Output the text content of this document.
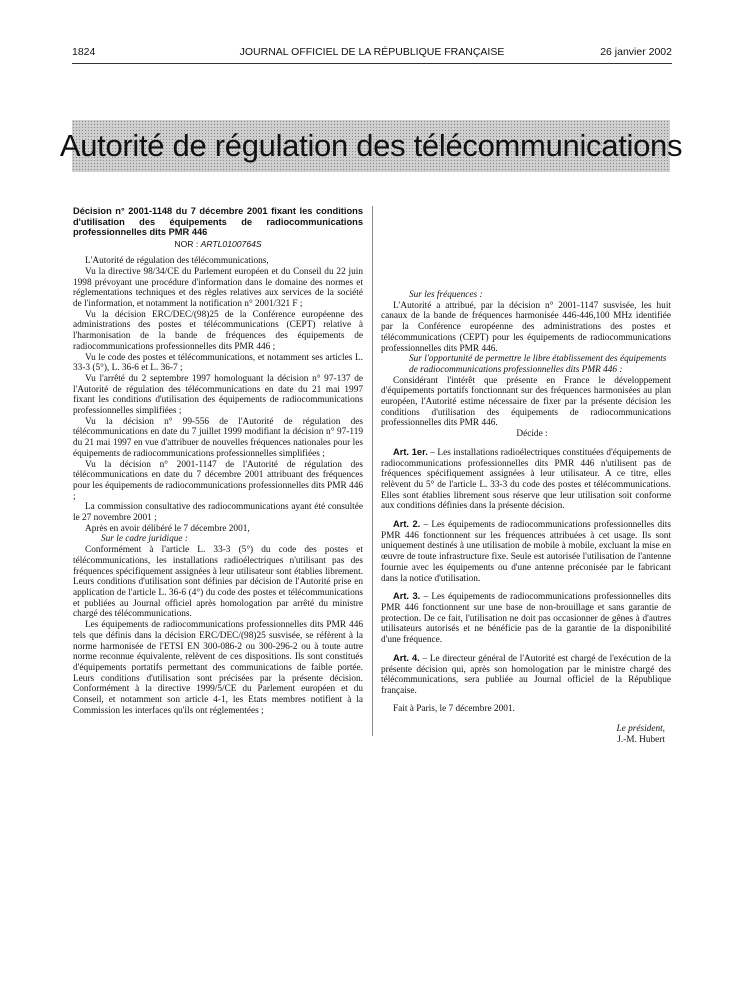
1824	JOURNAL OFFICIEL DE LA RÉPUBLIQUE FRANÇAISE	26 janvier 2002
Autorité de régulation des télécommunications

Décision n° 2001-1148 du 7 décembre 2001 fixant les conditions d'utilisation des équipements de radiocommunications professionnelles dits PMR 446

NOR : ARTL0100764S

L'Autorité de régulation des télécommunications,

Vu la directive 98/34/CE du Parlement européen et du Conseil du 22 juin 1998 prévoyant une procédure d'information dans le domaine des normes et réglementations techniques et des règles relatives aux services de la société de l'information, et notamment la notification n° 2001/321 F ;

Vu la décision ERC/DEC/(98)25 de la Conférence européenne des administrations des postes et télécommunications (CEPT) relative à l'harmonisation de la bande de fréquences des équipements de radiocommunications professionnelles dits PMR 446 ;

Vu le code des postes et télécommunications, et notamment ses articles L. 33-3 (5°), L. 36-6 et L. 36-7 ;

Vu l'arrêté du 2 septembre 1997 homologuant la décision n° 97-137 de l'Autorité de régulation des télécommunications en date du 21 mai 1997 fixant les conditions d'utilisation des équipements de radiocommunications professionnelles simplifiées ;

Vu la décision n° 99-556 de l'Autorité de régulation des télécommunications en date du 7 juillet 1999 modifiant la décision n° 97-119 du 21 mai 1997 en vue d'attribuer de nouvelles fréquences nationales pour les équipements de radiocommunications professionnelles simplifiées ;

Vu la décision n° 2001-1147 de l'Autorité de régulation des télécommunications en date du 7 décembre 2001 attribuant des fréquences pour les équipements de radiocommunications professionnelles dits PMR 446 ;

La commission consultative des radiocommunications ayant été consultée le 27 novembre 2001 ;

Après en avoir délibéré le 7 décembre 2001,

Sur le cadre juridique :

Conformément à l'article L. 33-3 (5°) du code des postes et télécommunications, les installations radioélectriques n'utilisant pas des fréquences spécifiquement assignées à leur utilisateur sont établies librement. Leurs conditions d'utilisation sont définies par décision de l'Autorité prise en application de l'article L. 36-6 (4°) du code des postes et télécommunications et publiées au Journal officiel après homologation par arrêté du ministre chargé des télécommunications.

Les équipements de radiocommunications professionnelles dits PMR 446 tels que définis dans la décision ERC/DEC/(98)25 susvisée, se réfèrent à la norme harmonisée de l'ETSI EN 300-086-2 ou 300-296-2 ou à toute autre norme reconnue équivalente, relèvent de ces dispositions. Ils sont constitués d'équipements portatifs permettant des communications de faible portée. Leurs conditions d'utilisation sont précisées par la présente décision. Conformément à la directive 1999/5/CE du Parlement européen et du Conseil, et notamment son article 4-1, les Etats membres notifient à la Commission les interfaces qu'ils ont réglementées ;

Sur les fréquences :

L'Autorité a attribué, par la décision n° 2001-1147 susvisée, les huit canaux de la bande de fréquences harmonisée 446-446,100 MHz identifiée par la Conférence européenne des administrations des postes et télécommunications (CEPT) pour les équipements de radiocommunications professionnelles dits PMR 446.

Sur l'opportunité de permettre le libre établissement des équipements de radiocommunications professionnelles dits PMR 446 :

Considérant l'intérêt que présente en France le développement d'équipements portatifs fonctionnant sur des fréquences harmonisées au plan européen, l'Autorité estime nécessaire de fixer par la présente décision les conditions d'utilisation des équipements de radiocommunications professionnelles dits PMR 446.

Décide :

Art. 1er. – Les installations radioélectriques constituées d'équipements de radiocommunications professionnelles dits PMR 446 n'utilisent pas de fréquences spécifiquement assignées à leur utilisateur. A ce titre, elles relèvent du 5° de l'article L. 33-3 du code des postes et télécommunications. Elles sont établies librement sous réserve que leur utilisation soit conforme aux conditions définies dans la présente décision.

Art. 2. – Les équipements de radiocommunications professionnelles dits PMR 446 fonctionnent sur les fréquences attribuées à cet usage. Ils sont uniquement destinés à une utilisation de mobile à mobile, excluant la mise en œuvre de toute infrastructure fixe. Seule est autorisée l'utilisation de l'antenne fournie avec les équipements ou d'une antenne préconisée par le fabricant dans la notice d'utilisation.

Art. 3. – Les équipements de radiocommunications professionnelles dits PMR 446 fonctionnent sur une base de non-brouillage et sans garantie de protection. De ce fait, l'utilisation ne doit pas occasionner de gênes à d'autres utilisateurs autorisés et ne bénéficie pas de la garantie de la disponibilité d'une fréquence.

Art. 4. – Le directeur général de l'Autorité est chargé de l'exécution de la présente décision qui, après son homologation par le ministre chargé des télécommunications, sera publiée au Journal officiel de la République française.

Fait à Paris, le 7 décembre 2001.

Le président,

J.-M. Hubert
